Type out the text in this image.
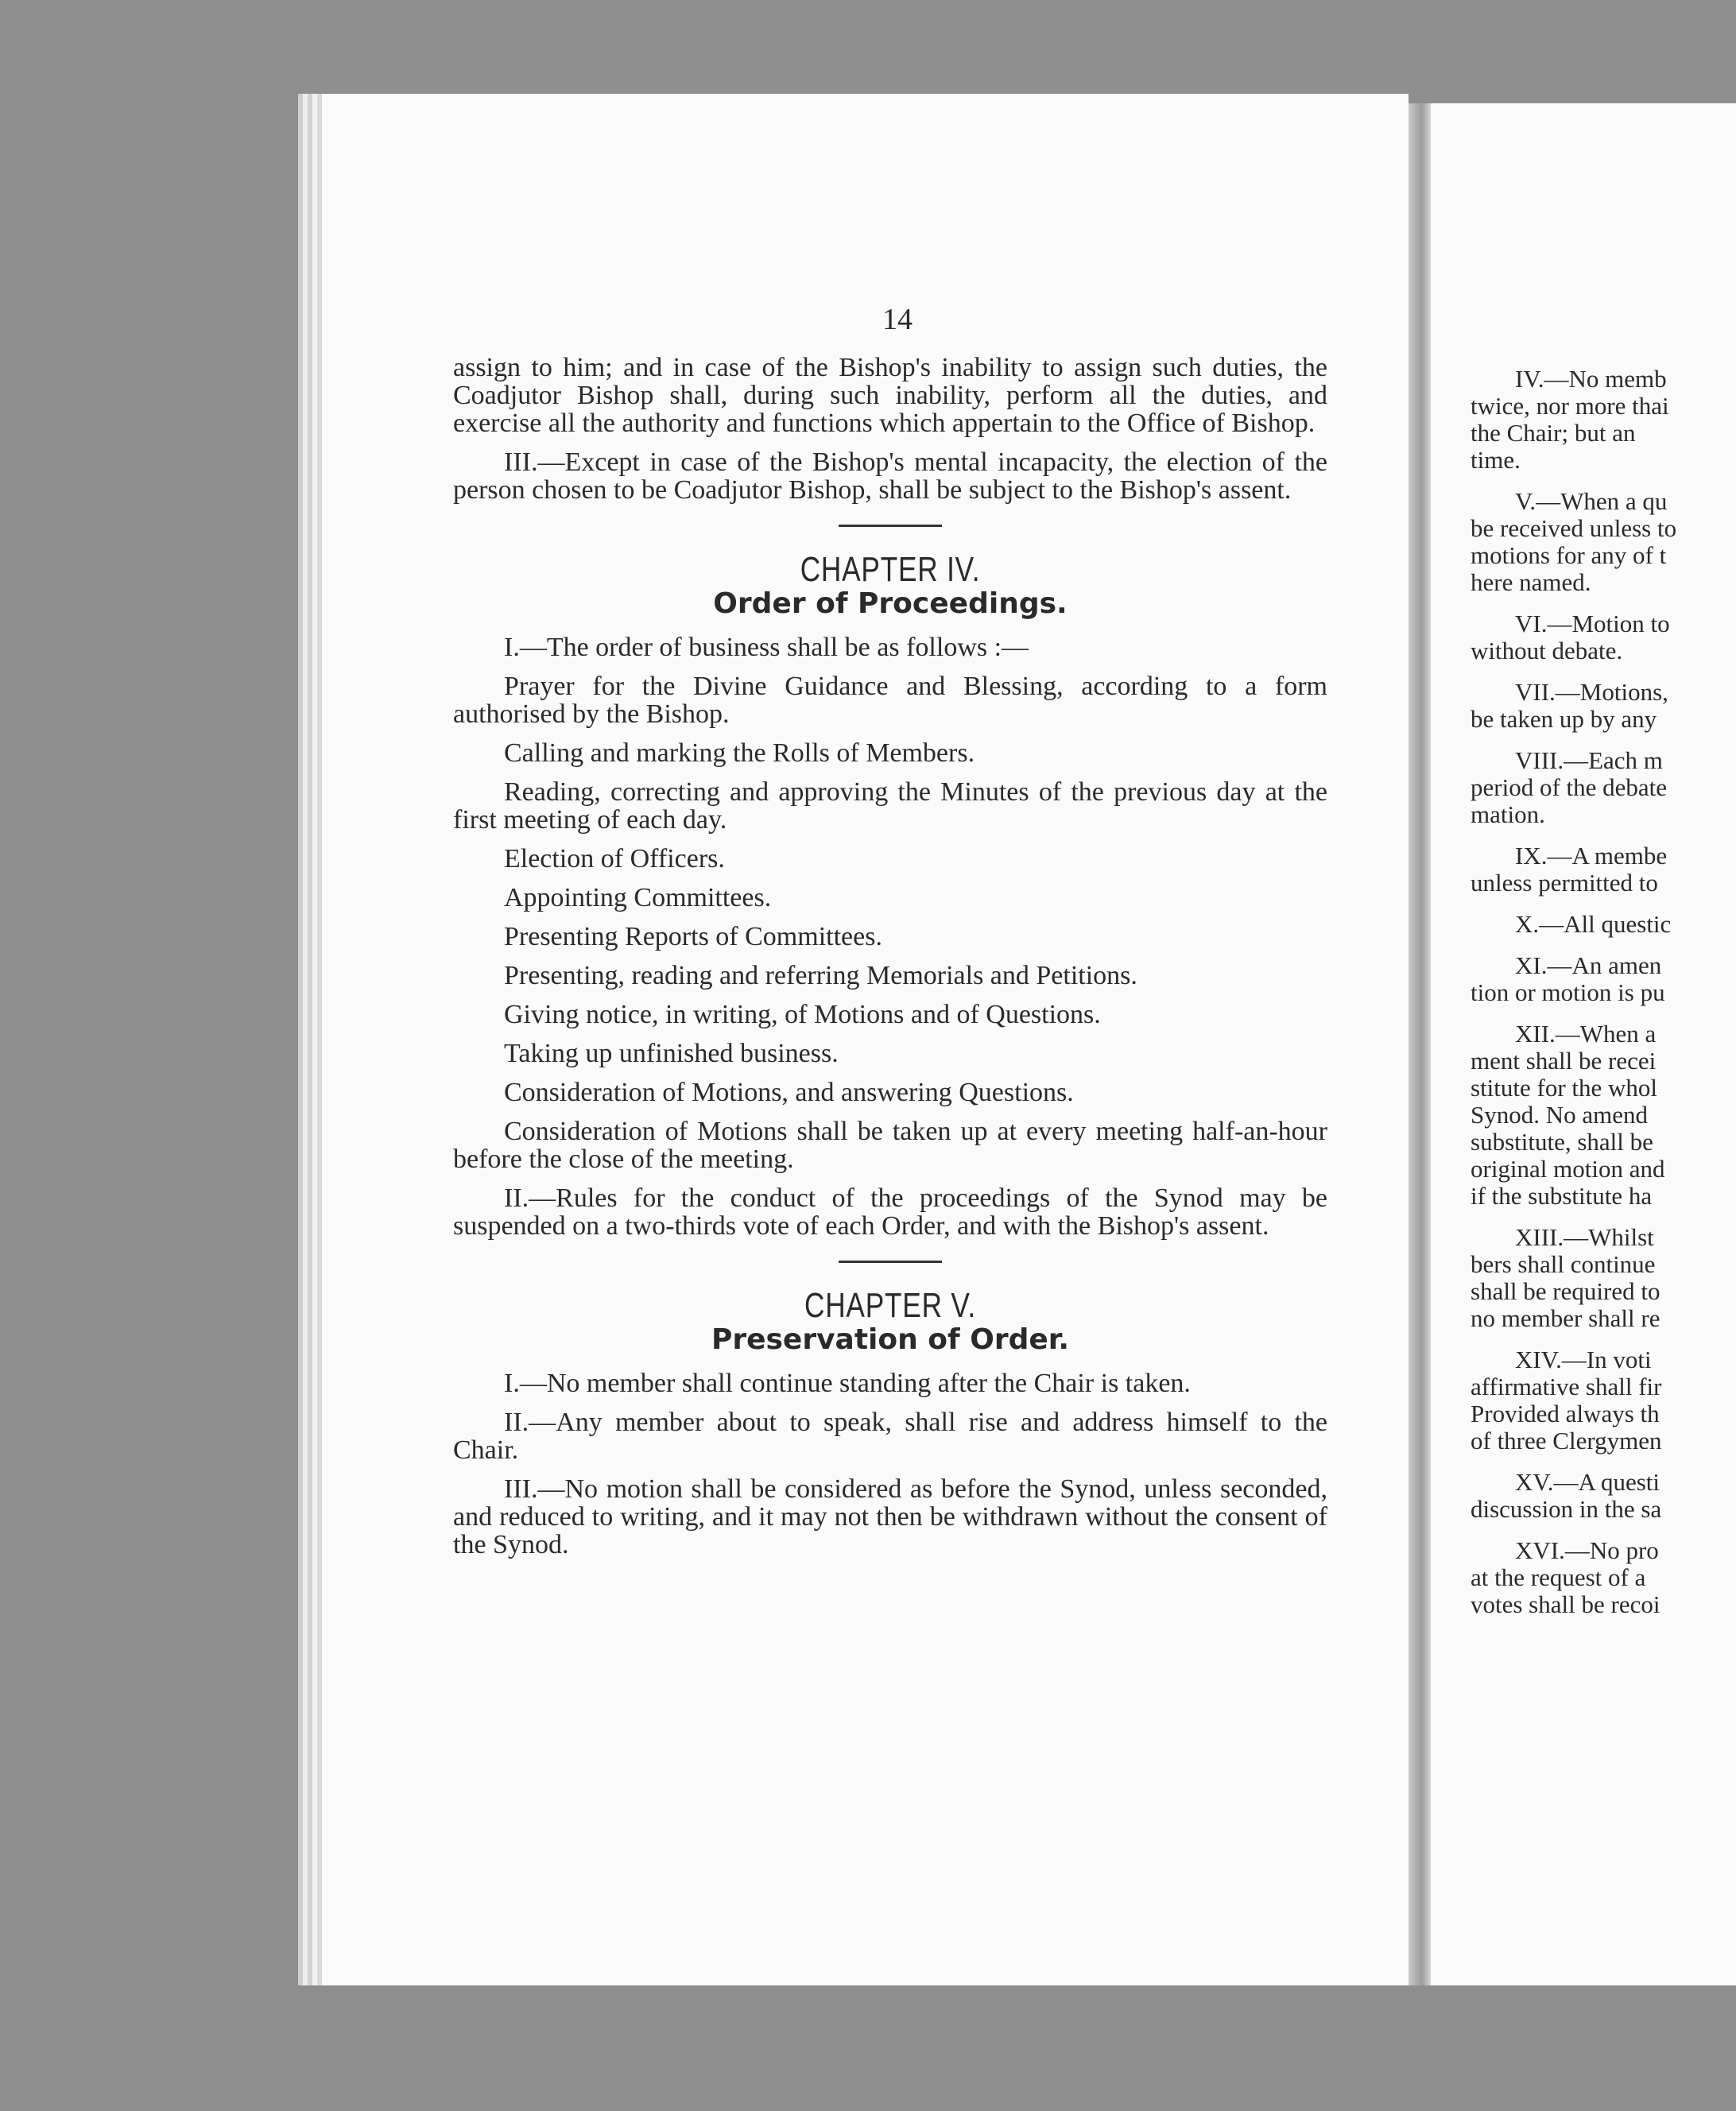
14

assign to him; and in case of the Bishop's inability to assign such duties, the Coadjutor Bishop shall, during such inability, perform all the duties, and exercise all the authority and functions which appertain to the Office of Bishop.

III.—Except in case of the Bishop's mental incapacity, the election of the person chosen to be Coadjutor Bishop, shall be subject to the Bishop's assent.

CHAPTER IV.
Order of Proceedings.

I.—The order of business shall be as follows :—

Prayer for the Divine Guidance and Blessing, according to a form authorised by the Bishop.

Calling and marking the Rolls of Members.

Reading, correcting and approving the Minutes of the previous day at the first meeting of each day.

Election of Officers.

Appointing Committees.

Presenting Reports of Committees.

Presenting, reading and referring Memorials and Petitions.

Giving notice, in writing, of Motions and of Questions.

Taking up unfinished business.

Consideration of Motions, and answering Questions.

Consideration of Motions shall be taken up at every meeting half-an-hour before the close of the meeting.

II.—Rules for the conduct of the proceedings of the Synod may be suspended on a two-thirds vote of each Order, and with the Bishop's assent.

CHAPTER V.
Preservation of Order.

I.—No member shall continue standing after the Chair is taken.

II.—Any member about to speak, shall rise and address himself to the Chair.

III.—No motion shall be considered as before the Synod, unless seconded, and reduced to writing, and it may not then be withdrawn without the consent of the Synod.

IV.—No memb
twice, nor more thai
the Chair; but an
time.

V.—When a qu
be received unless to
motions for any of t
here named.

VI.—Motion to
without debate.

VII.—Motions,
be taken up by any

VIII.—Each m
period of the debate
mation.

IX.—A membe
unless permitted to

X.—All questic

XI.—An amen
tion or motion is pu

XII.—When a
ment shall be recei
stitute for the whol
Synod. No amend
substitute, shall be
original motion and
if the substitute ha

XIII.—Whilst
bers shall continue
shall be required to
no member shall re

XIV.—In voti
affirmative shall fir
Provided always th
of three Clergymen

XV.—A questi
discussion in the sa

XVI.—No pro
at the request of a
votes shall be recoi
